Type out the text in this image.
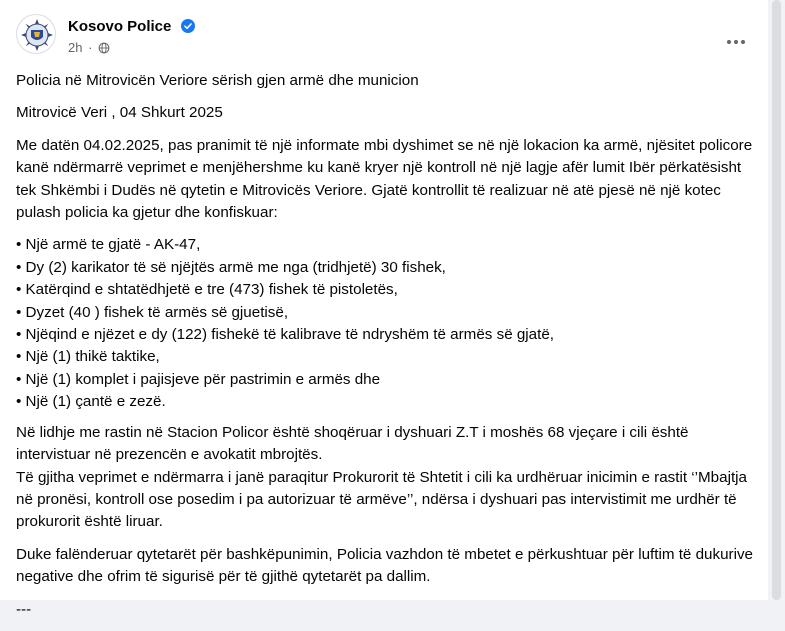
Kosovo Police
2h ·

Policia në Mitrovicën Veriore sërish gjen armë dhe municion

Mitrovicë Veri , 04 Shkurt 2025

Me datën 04.02.2025, pas pranimit të një informate mbi dyshimet se në një lokacion ka armë, njësitet policore kanë ndërmarrë veprimet e menjëhershme ku kanë kryer një kontroll në një lagje afër lumit Ibër përkatësisht tek Shkëmbi i Dudës në qytetin e Mitrovicës Veriore. Gjatë kontrollit të realizuar në atë pjesë në një kotec pulash policia ka gjetur dhe konfiskuar:

• Një armë te gjatë - AK-47,
• Dy (2) karikator të së njëjtës armë me nga (tridhjetë) 30 fishek,
• Katërqind e shtatëdhjetë e tre (473) fishek të pistoletës,
• Dyzet (40 ) fishek të armës së gjuetisë,
• Njëqind e njëzet e dy (122) fishekë të kalibrave të ndryshëm të armës së gjatë,
• Një (1) thikë taktike,
• Një (1) komplet i pajisjeve për pastrimin e armës dhe
• Një (1) çantë e zezë.

Në lidhje me rastin në Stacion Policor është shoqëruar i dyshuari Z.T i moshës 68 vjeçare i cili është intervistuar në prezencën e avokatit mbrojtës.
Të gjitha veprimet e ndërmarra i janë paraqitur Prokurorit të Shtetit i cili ka urdhëruar inicimin e rastit ‘’Mbajtja në pronësi, kontroll ose posedim i pa autorizuar të armëve’’, ndërsa i dyshuari pas intervistimit me urdhër të prokurorit është liruar.

Duke falënderuar qytetarët për bashkëpunimin, Policia vazhdon të mbetet e përkushtuar për luftim të dukurive negative dhe ofrim të sigurisë për të gjithë qytetarët pa dallim.

---
